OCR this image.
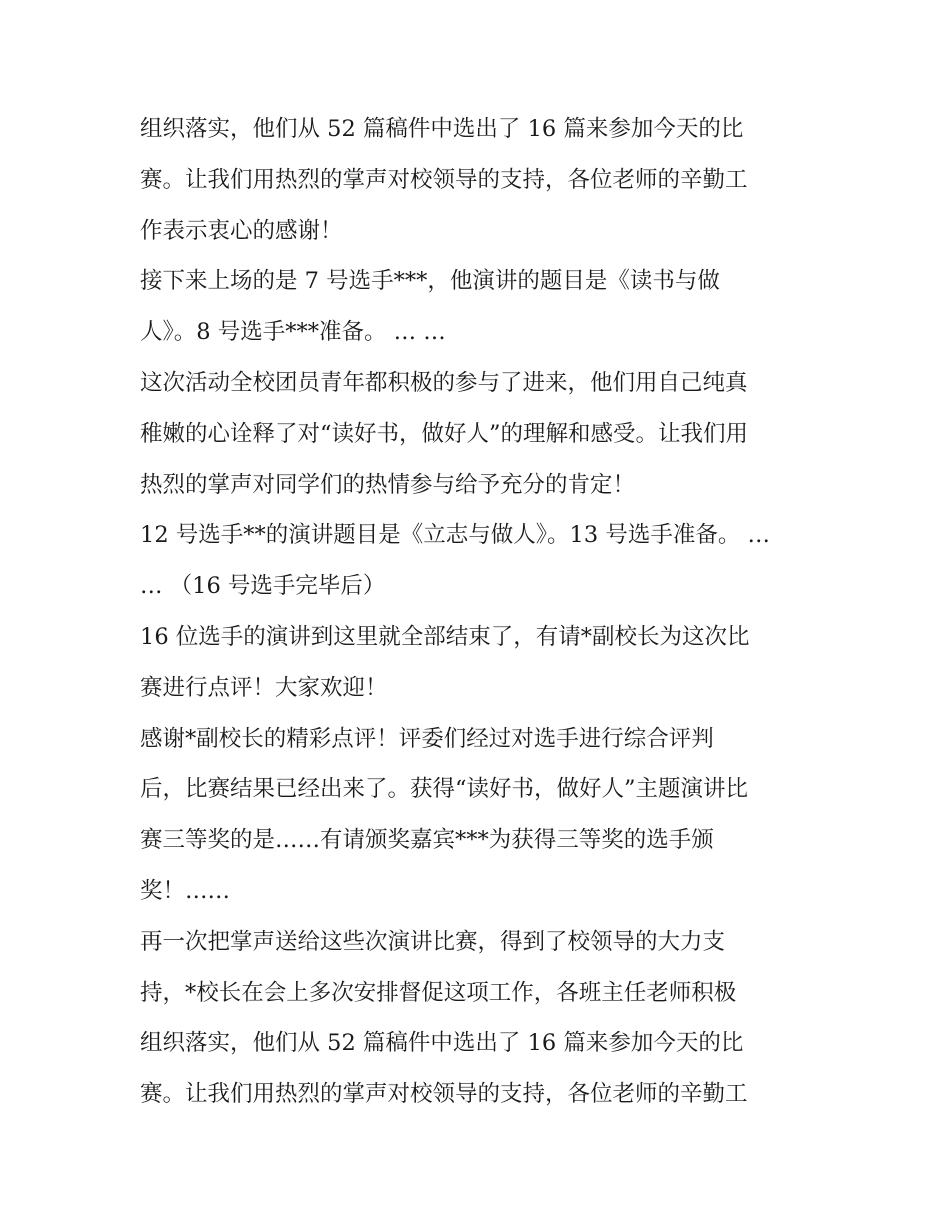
组织落实，他们从 52 篇稿件中选出了 16 篇来参加今天的比
赛。让我们用热烈的掌声对校领导的支持，各位老师的辛勤工
作表示衷心的感谢！
接下来上场的是 7 号选手***，他演讲的题目是《读书与做
人》。8 号选手***准备。 … …
这次活动全校团员青年都积极的参与了进来，他们用自己纯真
稚嫩的心诠释了对“读好书，做好人”的理解和感受。让我们用
热烈的掌声对同学们的热情参与给予充分的肯定！
12 号选手**的演讲题目是《立志与做人》。13 号选手准备。 …
… （16 号选手完毕后）
16 位选手的演讲到这里就全部结束了，有请*副校长为这次比
赛进行点评！大家欢迎！
感谢*副校长的精彩点评！评委们经过对选手进行综合评判
后，比赛结果已经出来了。获得“读好书，做好人”主题演讲比
赛三等奖的是……有请颁奖嘉宾***为获得三等奖的选手颁
奖！……
再一次把掌声送给这些次演讲比赛，得到了校领导的大力支
持，*校长在会上多次安排督促这项工作，各班主任老师积极
组织落实，他们从 52 篇稿件中选出了 16 篇来参加今天的比
赛。让我们用热烈的掌声对校领导的支持，各位老师的辛勤工
